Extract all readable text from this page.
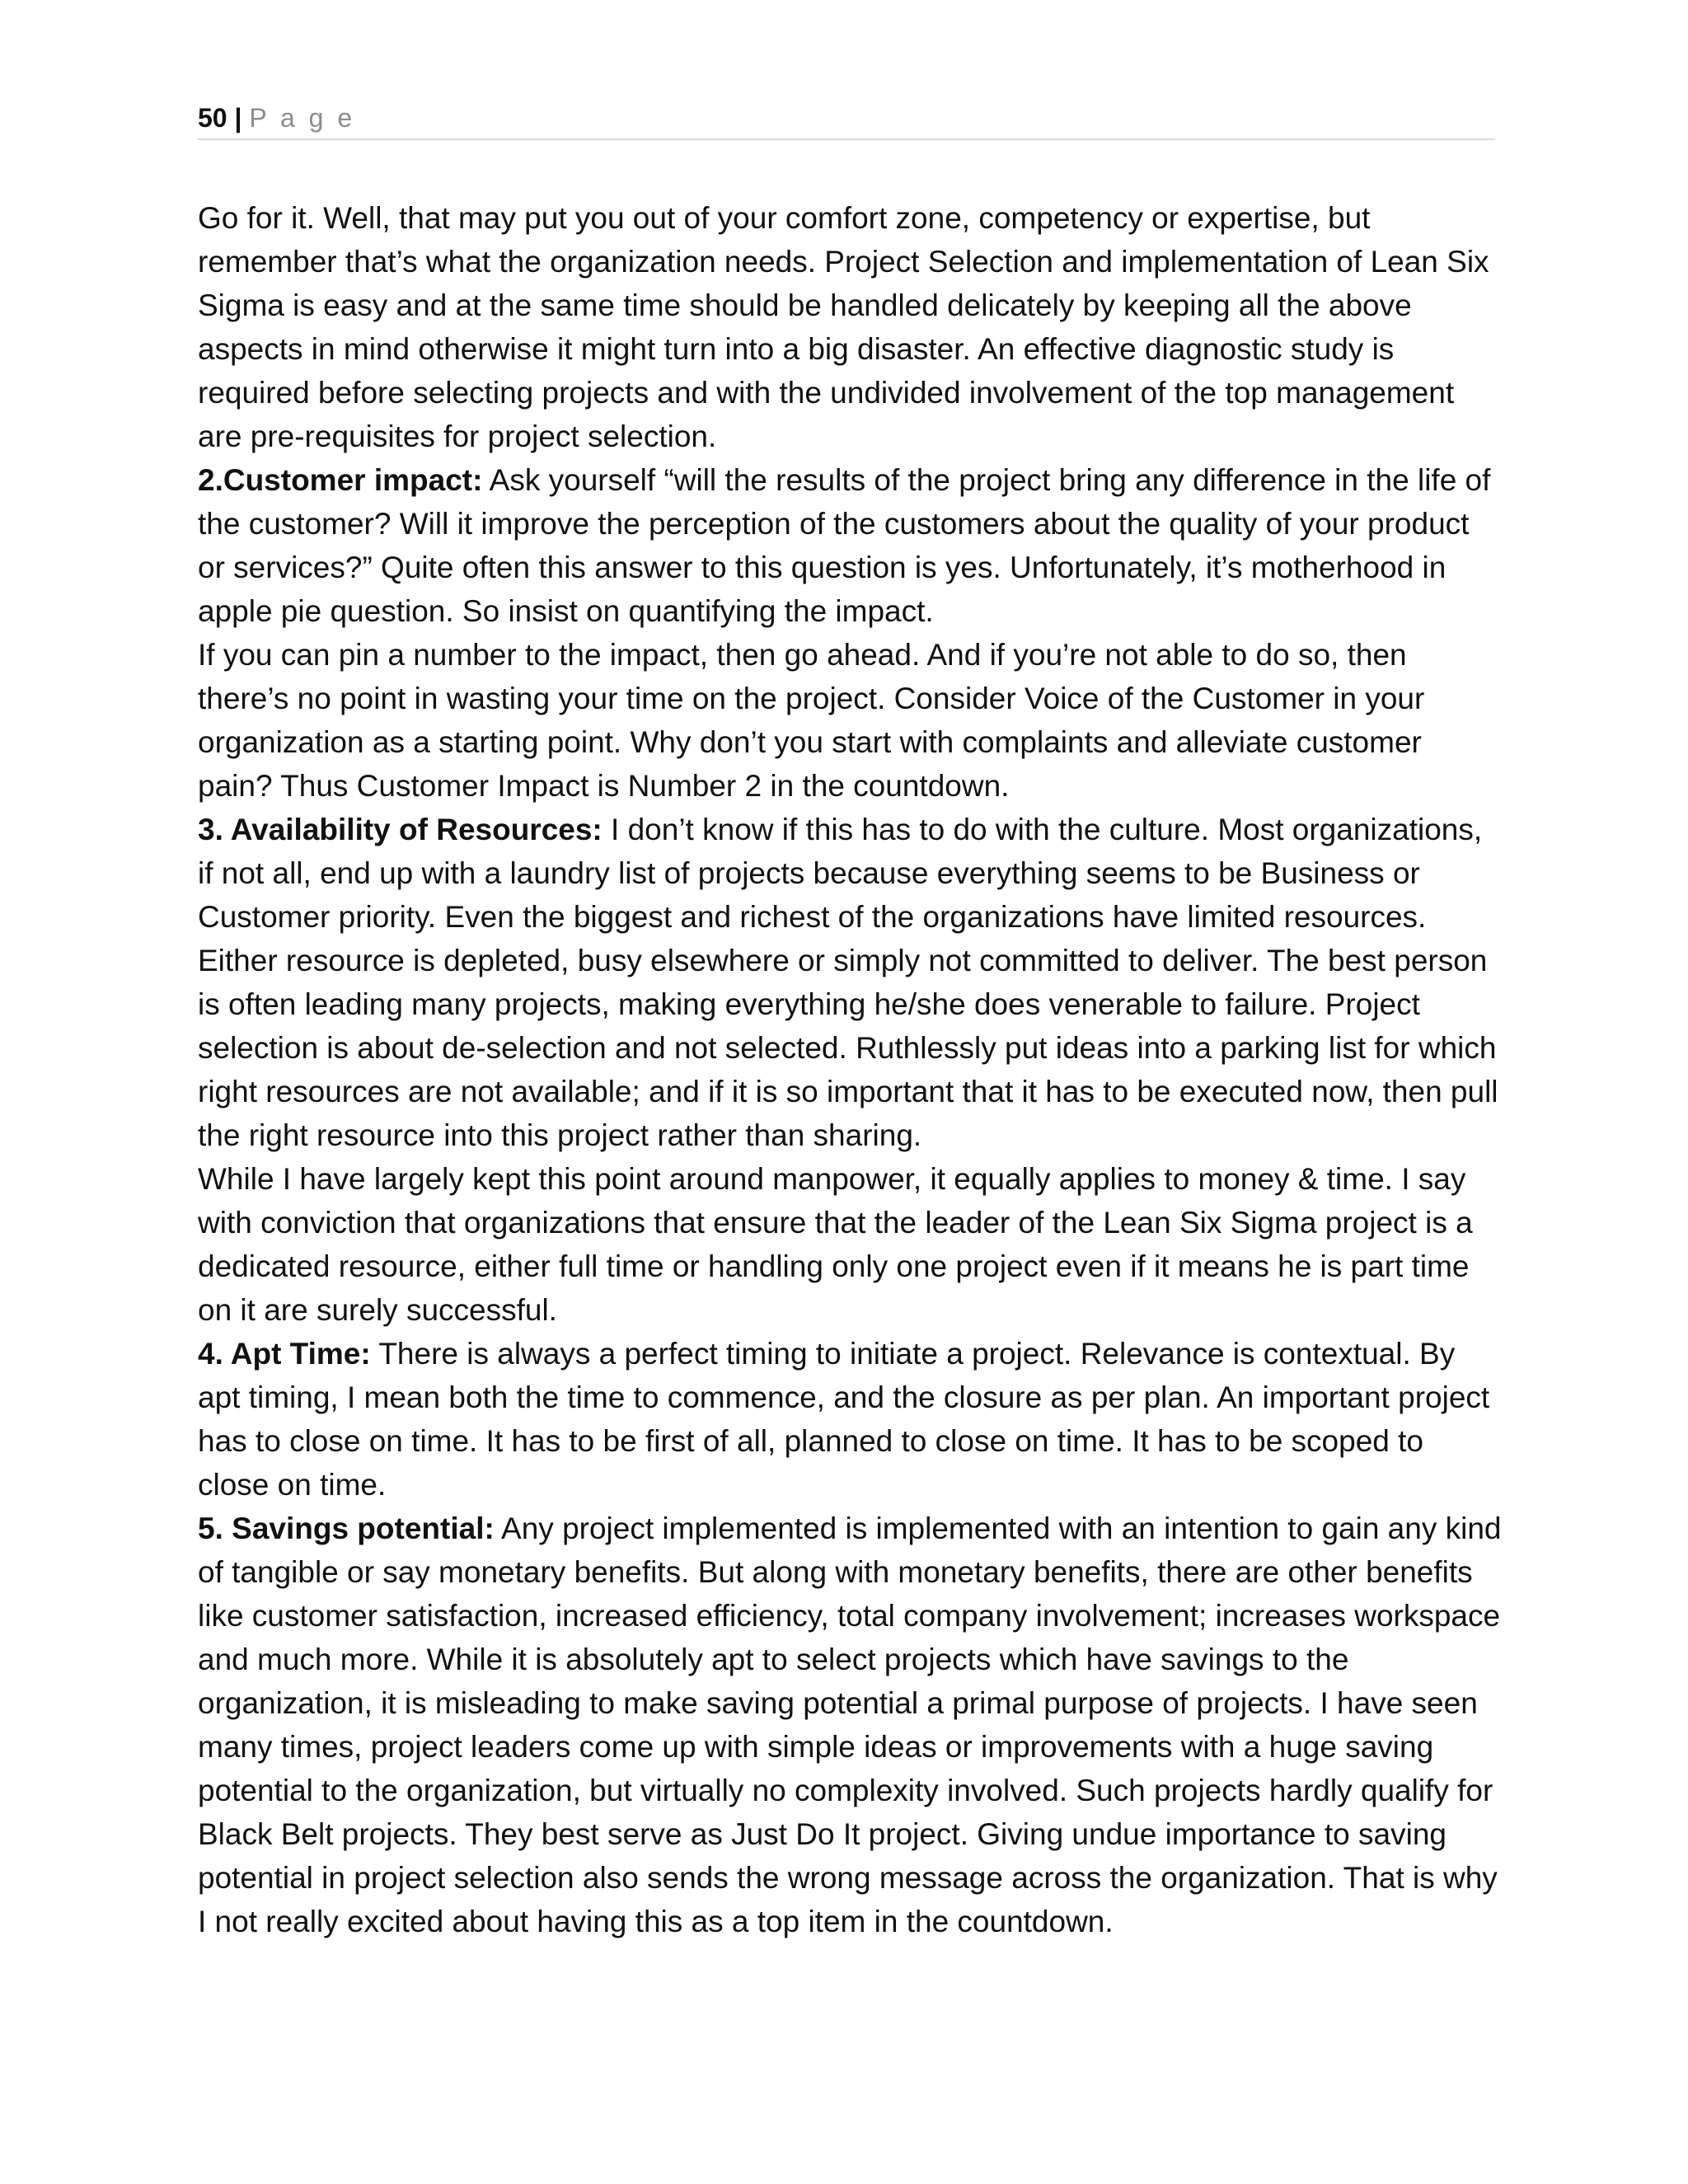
50 | P a g e

Go for it. Well, that may put you out of your comfort zone, competency or expertise, but remember that’s what the organization needs. Project Selection and implementation of Lean Six Sigma is easy and at the same time should be handled delicately by keeping all the above aspects in mind otherwise it might turn into a big disaster. An effective diagnostic study is required before selecting projects and with the undivided involvement of the top management are pre-requisites for project selection.

2.Customer impact: Ask yourself “will the results of the project bring any difference in the life of the customer? Will it improve the perception of the customers about the quality of your product or services?” Quite often this answer to this question is yes. Unfortunately, it’s motherhood in apple pie question. So insist on quantifying the impact.

If you can pin a number to the impact, then go ahead. And if you’re not able to do so, then there’s no point in wasting your time on the project. Consider Voice of the Customer in your organization as a starting point. Why don’t you start with complaints and alleviate customer pain? Thus Customer Impact is Number 2 in the countdown.

3. Availability of Resources: I don’t know if this has to do with the culture. Most organizations, if not all, end up with a laundry list of projects because everything seems to be Business or Customer priority. Even the biggest and richest of the organizations have limited resources. Either resource is depleted, busy elsewhere or simply not committed to deliver. The best person is often leading many projects, making everything he/she does venerable to failure. Project selection is about de-selection and not selected. Ruthlessly put ideas into a parking list for which right resources are not available; and if it is so important that it has to be executed now, then pull the right resource into this project rather than sharing.

While I have largely kept this point around manpower, it equally applies to money & time. I say with conviction that organizations that ensure that the leader of the Lean Six Sigma project is a dedicated resource, either full time or handling only one project even if it means he is part time on it are surely successful.

4. Apt Time: There is always a perfect timing to initiate a project. Relevance is contextual. By apt timing, I mean both the time to commence, and the closure as per plan. An important project has to close on time. It has to be first of all, planned to close on time. It has to be scoped to close on time.

5. Savings potential: Any project implemented is implemented with an intention to gain any kind of tangible or say monetary benefits. But along with monetary benefits, there are other benefits like customer satisfaction, increased efficiency, total company involvement; increases workspace and much more. While it is absolutely apt to select projects which have savings to the organization, it is misleading to make saving potential a primal purpose of projects. I have seen many times, project leaders come up with simple ideas or improvements with a huge saving potential to the organization, but virtually no complexity involved. Such projects hardly qualify for Black Belt projects. They best serve as Just Do It project. Giving undue importance to saving potential in project selection also sends the wrong message across the organization. That is why I not really excited about having this as a top item in the countdown.
